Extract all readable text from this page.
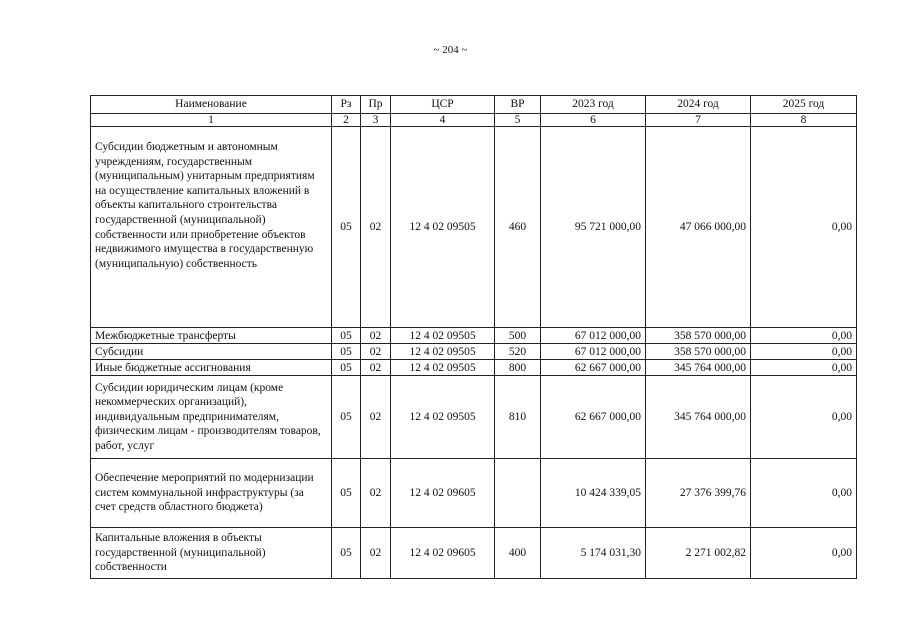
~ 204 ~
Наименование	Рз	Пр	ЦСР	ВР	2023 год	2024 год	2025 год
1	2	3	4	5	6	7	8
Субсидии бюджетным и автономным учреждениям, государственным (муниципальным) унитарным предприятиям на осуществление капитальных вложений в объекты капитального строительства государственной (муниципальной) собственности или приобретение объектов недвижимого имущества в государственную (муниципальную) собственность	05	02	12 4 02 09505	460	95 721 000,00	47 066 000,00	0,00
Межбюджетные трансферты	05	02	12 4 02 09505	500	67 012 000,00	358 570 000,00	0,00
Субсидии	05	02	12 4 02 09505	520	67 012 000,00	358 570 000,00	0,00
Иные бюджетные ассигнования	05	02	12 4 02 09505	800	62 667 000,00	345 764 000,00	0,00
Субсидии юридическим лицам (кроме некоммерческих организаций), индивидуальным предпринимателям, физическим лицам - производителям товаров, работ, услуг	05	02	12 4 02 09505	810	62 667 000,00	345 764 000,00	0,00
Обеспечение мероприятий по модернизации систем коммунальной инфраструктуры (за счет средств областного бюджета)	05	02	12 4 02 09605		10 424 339,05	27 376 399,76	0,00
Капитальные вложения в объекты государственной (муниципальной) собственности	05	02	12 4 02 09605	400	5 174 031,30	2 271 002,82	0,00
